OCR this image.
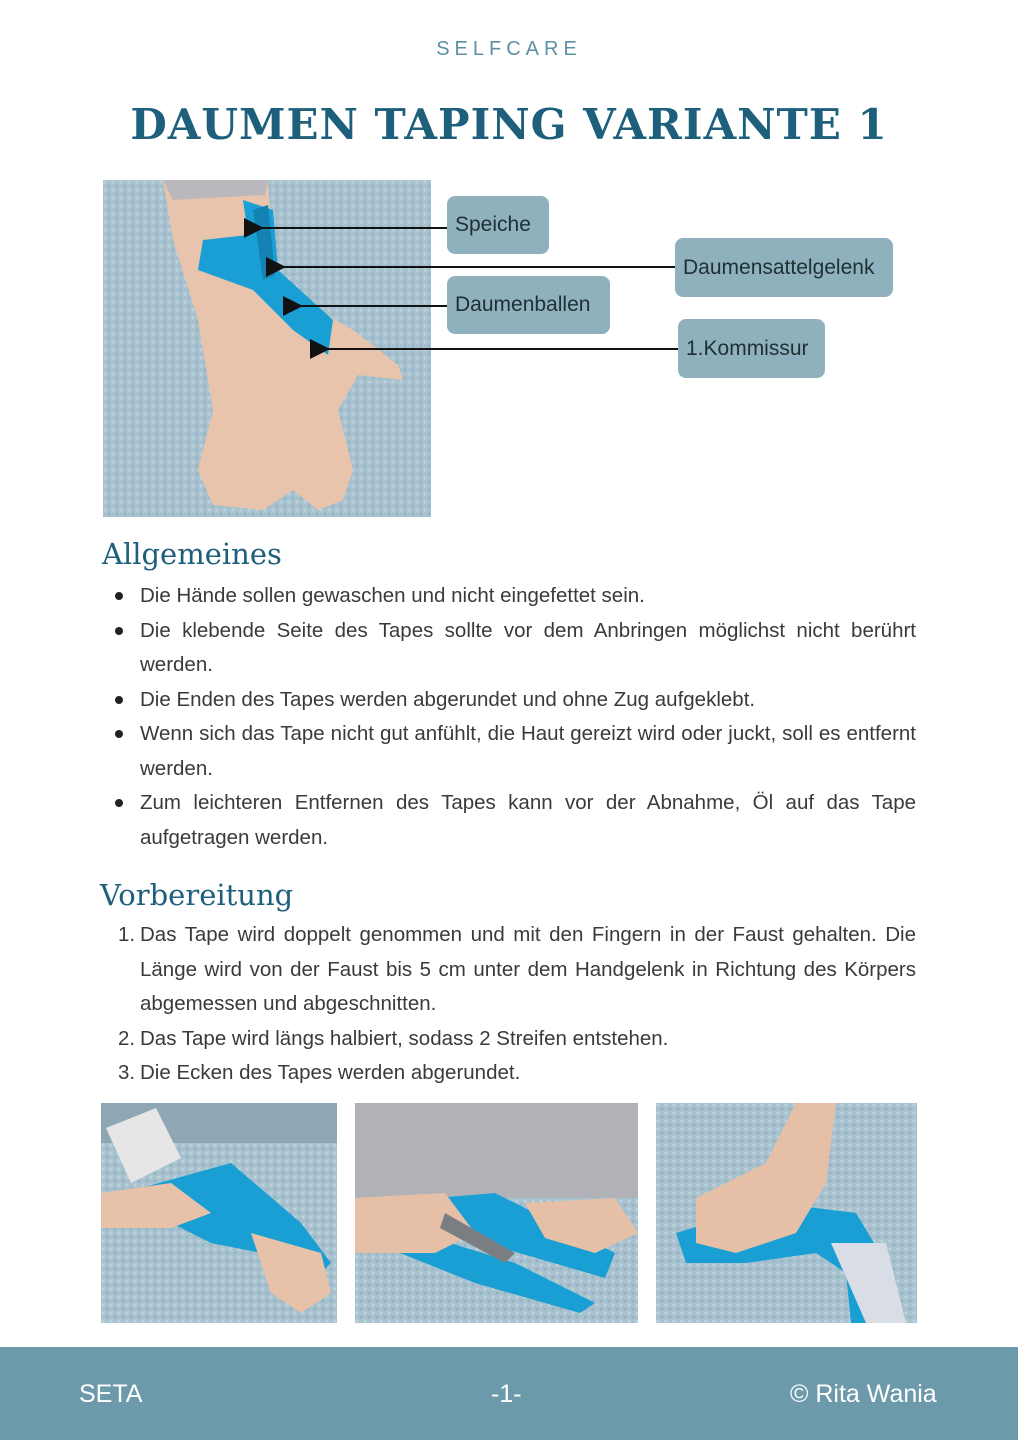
SELFCARE
DAUMEN TAPING VARIANTE 1
Speiche
Daumensattelgelenk
Daumenballen
1.Kommissur
Allgemeines
Die Hände sollen gewaschen und nicht eingefettet sein.
Die klebende Seite des Tapes sollte vor dem Anbringen möglichst nicht berührt werden.
Die Enden des Tapes werden abgerundet und ohne Zug aufgeklebt.
Wenn sich das Tape nicht gut anfühlt, die Haut gereizt wird oder juckt, soll es entfernt werden.
Zum leichteren Entfernen des Tapes kann vor der Abnahme, Öl auf das Tape aufgetragen werden.
Vorbereitung
1. Das Tape wird doppelt genommen und mit den Fingern in der Faust gehalten. Die Länge wird von der Faust bis 5 cm unter dem Handgelenk in Richtung des Körpers abgemessen und abgeschnitten.
2. Das Tape wird längs halbiert, sodass 2 Streifen entstehen.
3. Die Ecken des Tapes werden abgerundet.
SETA	-1-	© Rita Wania
